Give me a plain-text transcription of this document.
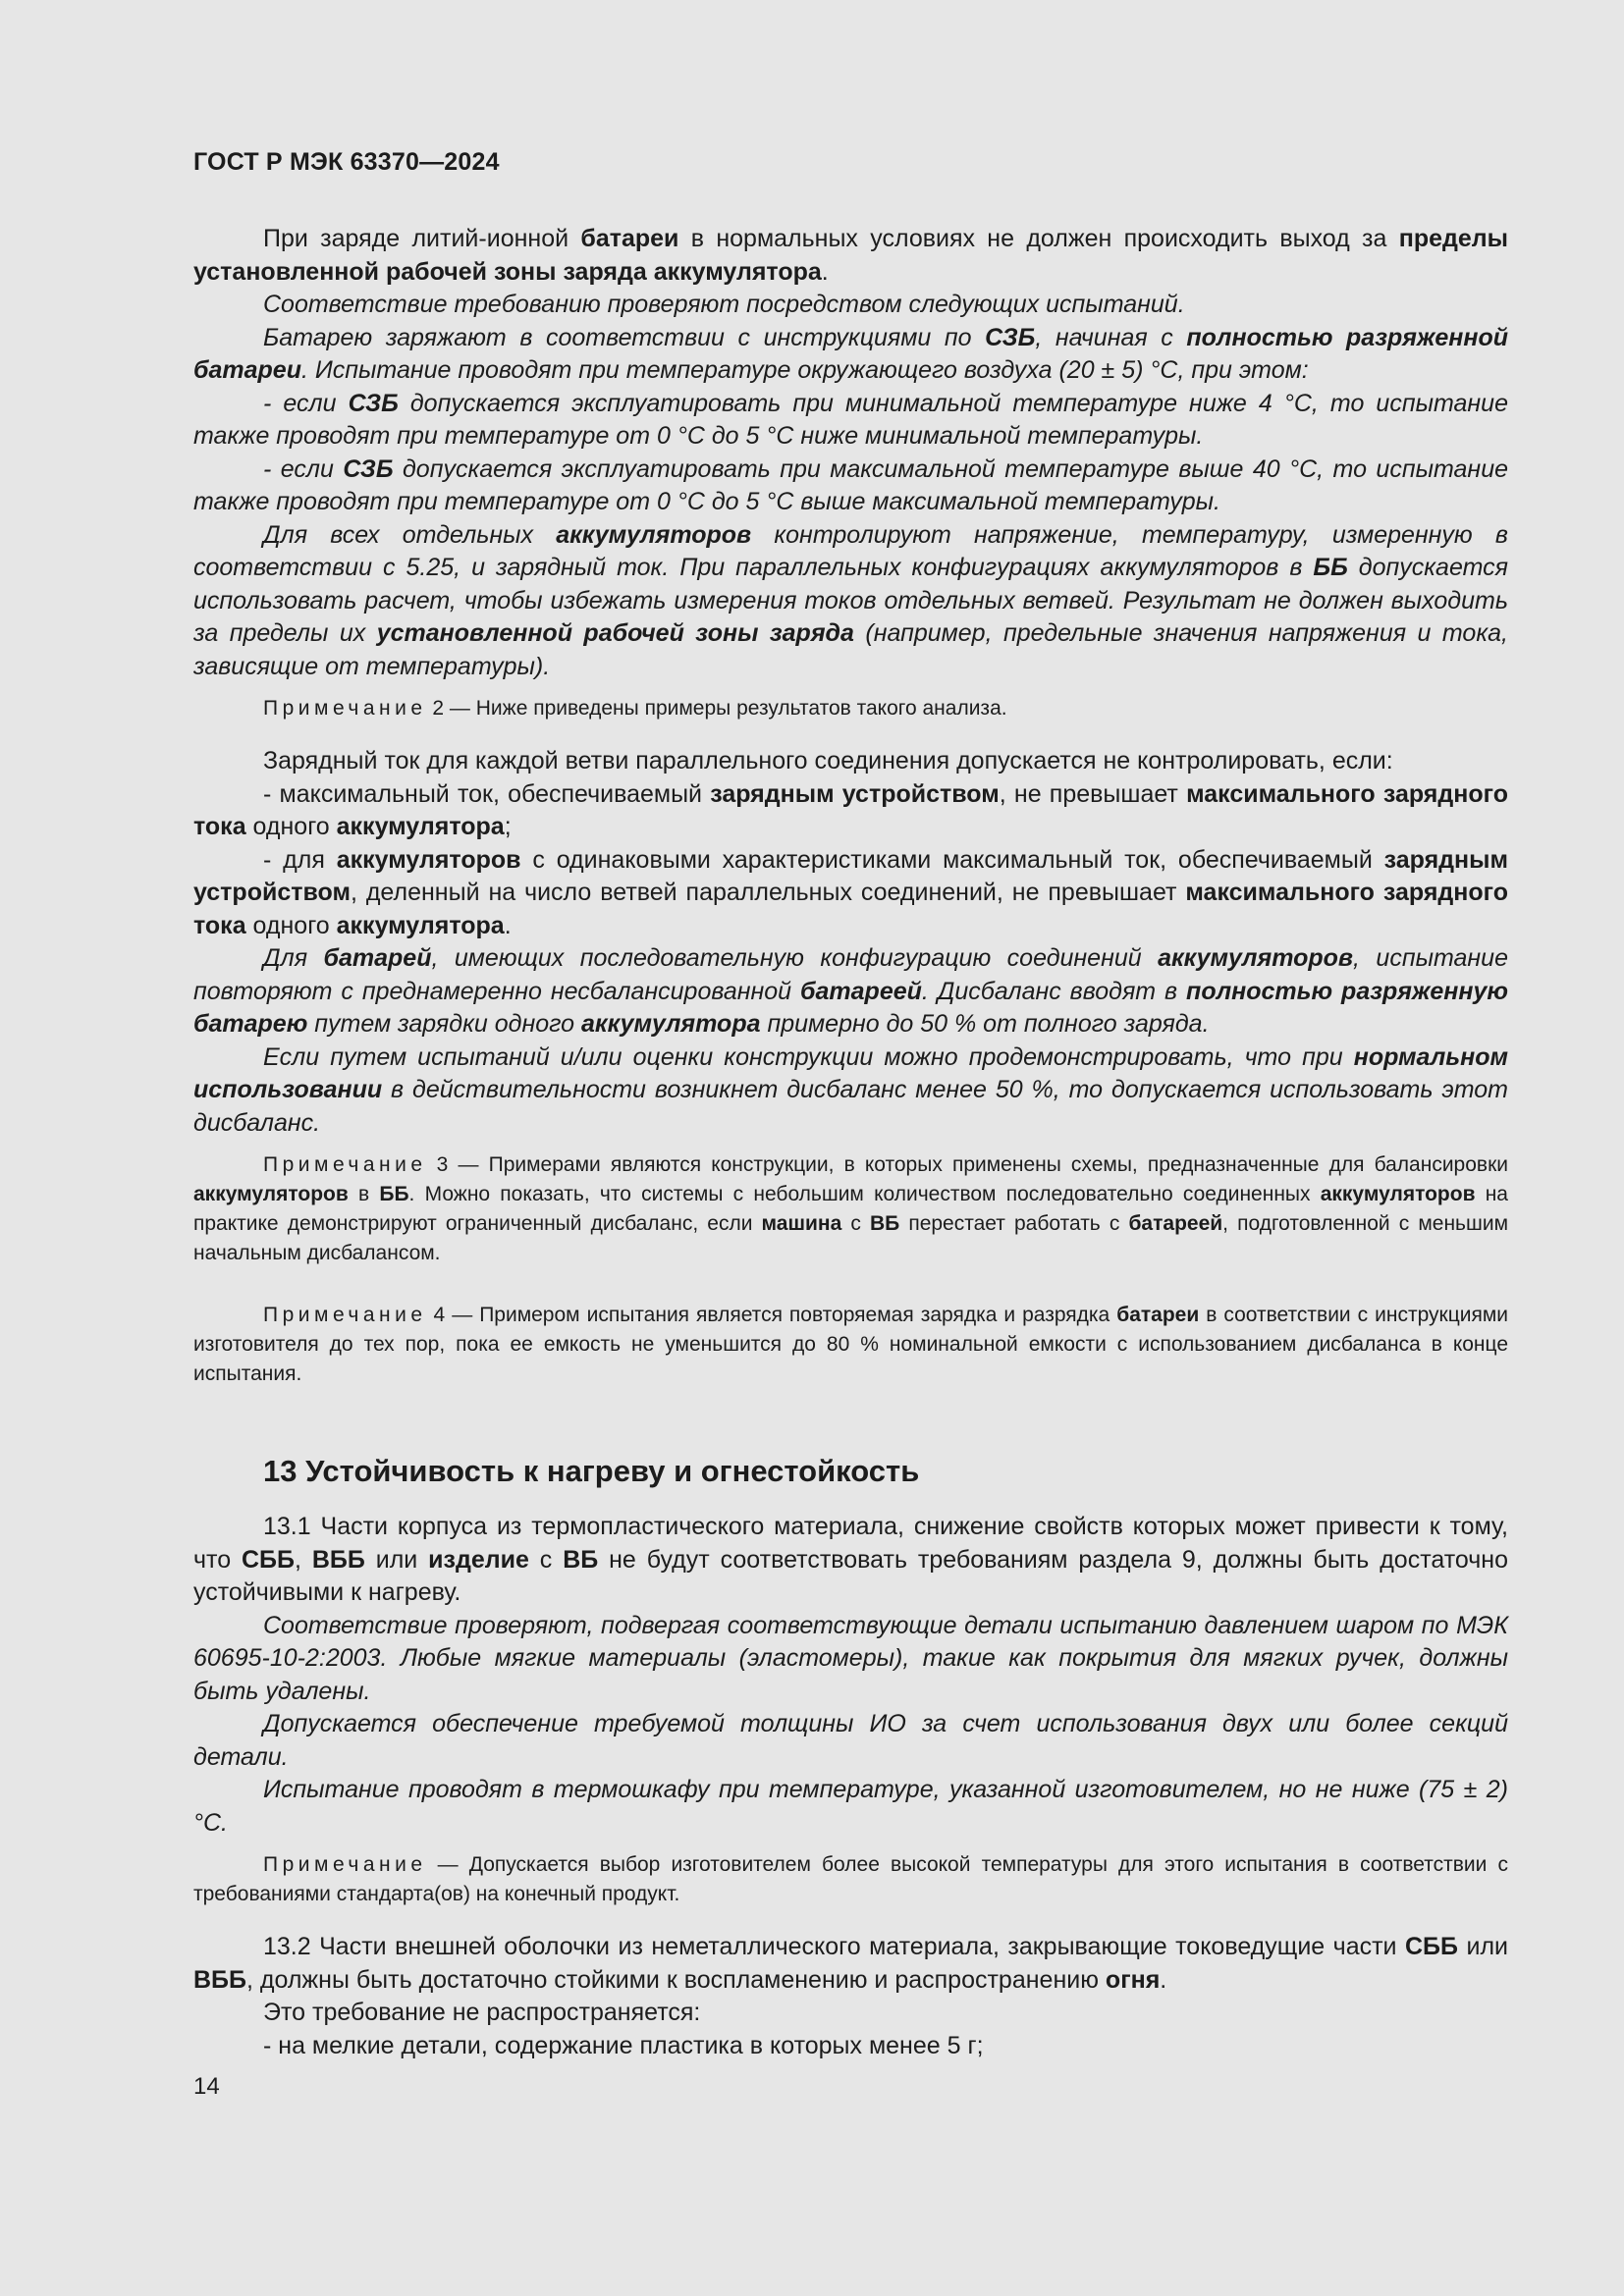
ГОСТ Р МЭК 63370—2024

При заряде литий-ионной батареи в нормальных условиях не должен происходить выход за пределы установленной рабочей зоны заряда аккумулятора.

Соответствие требованию проверяют посредством следующих испытаний.

Батарею заряжают в соответствии с инструкциями по СЗБ, начиная с полностью разряженной батареи. Испытание проводят при температуре окружающего воздуха (20 ± 5) °С, при этом:

- если СЗБ допускается эксплуатировать при минимальной температуре ниже 4 °С, то испытание также проводят при температуре от 0 °С до 5 °С ниже минимальной температуры.

- если СЗБ допускается эксплуатировать при максимальной температуре выше 40 °С, то испытание также проводят при температуре от 0 °С до 5 °С выше максимальной температуры.

Для всех отдельных аккумуляторов контролируют напряжение, температуру, измеренную в соответствии с 5.25, и зарядный ток. При параллельных конфигурациях аккумуляторов в ББ допускается использовать расчет, чтобы избежать измерения токов отдельных ветвей. Результат не должен выходить за пределы их установленной рабочей зоны заряда (например, предельные значения напряжения и тока, зависящие от температуры).

Примечание 2 — Ниже приведены примеры результатов такого анализа.

Зарядный ток для каждой ветви параллельного соединения допускается не контролировать, если:

- максимальный ток, обеспечиваемый зарядным устройством, не превышает максимального зарядного тока одного аккумулятора;

- для аккумуляторов с одинаковыми характеристиками максимальный ток, обеспечиваемый зарядным устройством, деленный на число ветвей параллельных соединений, не превышает максимального зарядного тока одного аккумулятора.

Для батарей, имеющих последовательную конфигурацию соединений аккумуляторов, испытание повторяют с преднамеренно несбалансированной батареей. Дисбаланс вводят в полностью разряженную батарею путем зарядки одного аккумулятора примерно до 50 % от полного заряда.

Если путем испытаний и/или оценки конструкции можно продемонстрировать, что при нормальном использовании в действительности возникнет дисбаланс менее 50 %, то допускается использовать этот дисбаланс.

Примечание 3 — Примерами являются конструкции, в которых применены схемы, предназначенные для балансировки аккумуляторов в ББ. Можно показать, что системы с небольшим количеством последовательно соединенных аккумуляторов на практике демонстрируют ограниченный дисбаланс, если машина с ВБ перестает работать с батареей, подготовленной с меньшим начальным дисбалансом.

Примечание 4 — Примером испытания является повторяемая зарядка и разрядка батареи в соответствии с инструкциями изготовителя до тех пор, пока ее емкость не уменьшится до 80 % номинальной емкости с использованием дисбаланса в конце испытания.

13 Устойчивость к нагреву и огнестойкость

13.1 Части корпуса из термопластического материала, снижение свойств которых может привести к тому, что СББ, ВББ или изделие с ВБ не будут соответствовать требованиям раздела 9, должны быть достаточно устойчивыми к нагреву.

Соответствие проверяют, подвергая соответствующие детали испытанию давлением шаром по МЭК 60695-10-2:2003. Любые мягкие материалы (эластомеры), такие как покрытия для мягких ручек, должны быть удалены.

Допускается обеспечение требуемой толщины ИО за счет использования двух или более секций детали.

Испытание проводят в термошкафу при температуре, указанной изготовителем, но не ниже (75 ± 2) °С.

Примечание — Допускается выбор изготовителем более высокой температуры для этого испытания в соответствии с требованиями стандарта(ов) на конечный продукт.

13.2 Части внешней оболочки из неметаллического материала, закрывающие токоведущие части СББ или ВББ, должны быть достаточно стойкими к воспламенению и распространению огня.

Это требование не распространяется:

- на мелкие детали, содержание пластика в которых менее 5 г;

14
